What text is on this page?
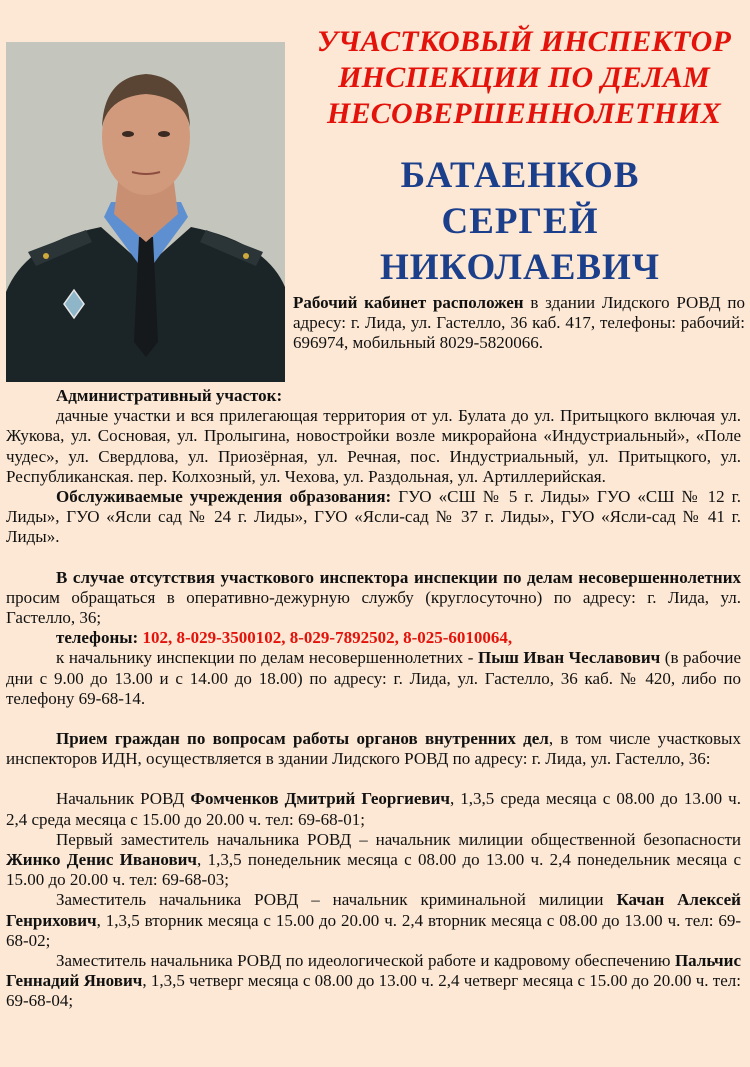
УЧАСТКОВЫЙ ИНСПЕКТОР
ИНСПЕКЦИИ ПО ДЕЛАМ
НЕСОВЕРШЕННОЛЕТНИХ
БАТАЕНКОВ
СЕРГЕЙ
НИКОЛАЕВИЧ
Рабочий кабинет расположен в здании Лидского РОВД по адресу: г. Лида, ул. Гастелло, 36 каб. 417, телефоны: рабочий: 696974, мобильный 8029-5820066.

Административный участок:

дачные участки и вся прилегающая территория от ул. Булата до ул. Притыцкого включая ул. Жукова, ул. Сосновая, ул. Пролыгина, новостройки возле микрорайона «Индустриальный», «Поле чудес», ул. Свердлова, ул. Приозёрная, ул. Речная, пос. Индустриальный, ул. Притыцкого, ул. Республиканская. пер. Колхозный, ул. Чехова, ул. Раздольная, ул. Артиллерийская.

Обслуживаемые учреждения образования: ГУО «СШ № 5 г. Лиды» ГУО «СШ № 12 г. Лиды», ГУО «Ясли сад № 24 г. Лиды», ГУО «Ясли-сад № 37 г. Лиды», ГУО «Ясли-сад № 41 г. Лиды».

В случае отсутствия участкового инспектора инспекции по делам несовершеннолетних просим обращаться в оперативно-дежурную службу (круглосуточно) по адресу: г. Лида, ул. Гастелло, 36;

телефоны: 102, 8-029-3500102, 8-029-7892502, 8-025-6010064,

к начальнику инспекции по делам несовершеннолетних - Пыш Иван Чеславович (в рабочие дни с 9.00 до 13.00 и с 14.00 до 18.00) по адресу: г. Лида, ул. Гастелло, 36 каб. № 420, либо по телефону 69-68-14.

Прием граждан по вопросам работы органов внутренних дел, в том числе участковых инспекторов ИДН, осуществляется в здании Лидского РОВД по адресу: г. Лида, ул. Гастелло, 36:

Начальник РОВД Фомченков Дмитрий Георгиевич, 1,3,5 среда месяца с 08.00 до 13.00 ч. 2,4 среда месяца с 15.00 до 20.00 ч. тел: 69-68-01;

Первый заместитель начальника РОВД – начальник милиции общественной безопасности Жинко Денис Иванович, 1,3,5 понедельник месяца с 08.00 до 13.00 ч. 2,4 понедельник месяца с 15.00 до 20.00 ч. тел: 69-68-03;

Заместитель начальника РОВД – начальник криминальной милиции Качан Алексей Генрихович, 1,3,5 вторник месяца с 15.00 до 20.00 ч. 2,4 вторник месяца с 08.00 до 13.00 ч. тел: 69-68-02;

Заместитель начальника РОВД по идеологической работе и кадровому обеспечению Пальчис Геннадий Янович, 1,3,5 четверг месяца с 08.00 до 13.00 ч. 2,4 четверг месяца с 15.00 до 20.00 ч. тел: 69-68-04;
